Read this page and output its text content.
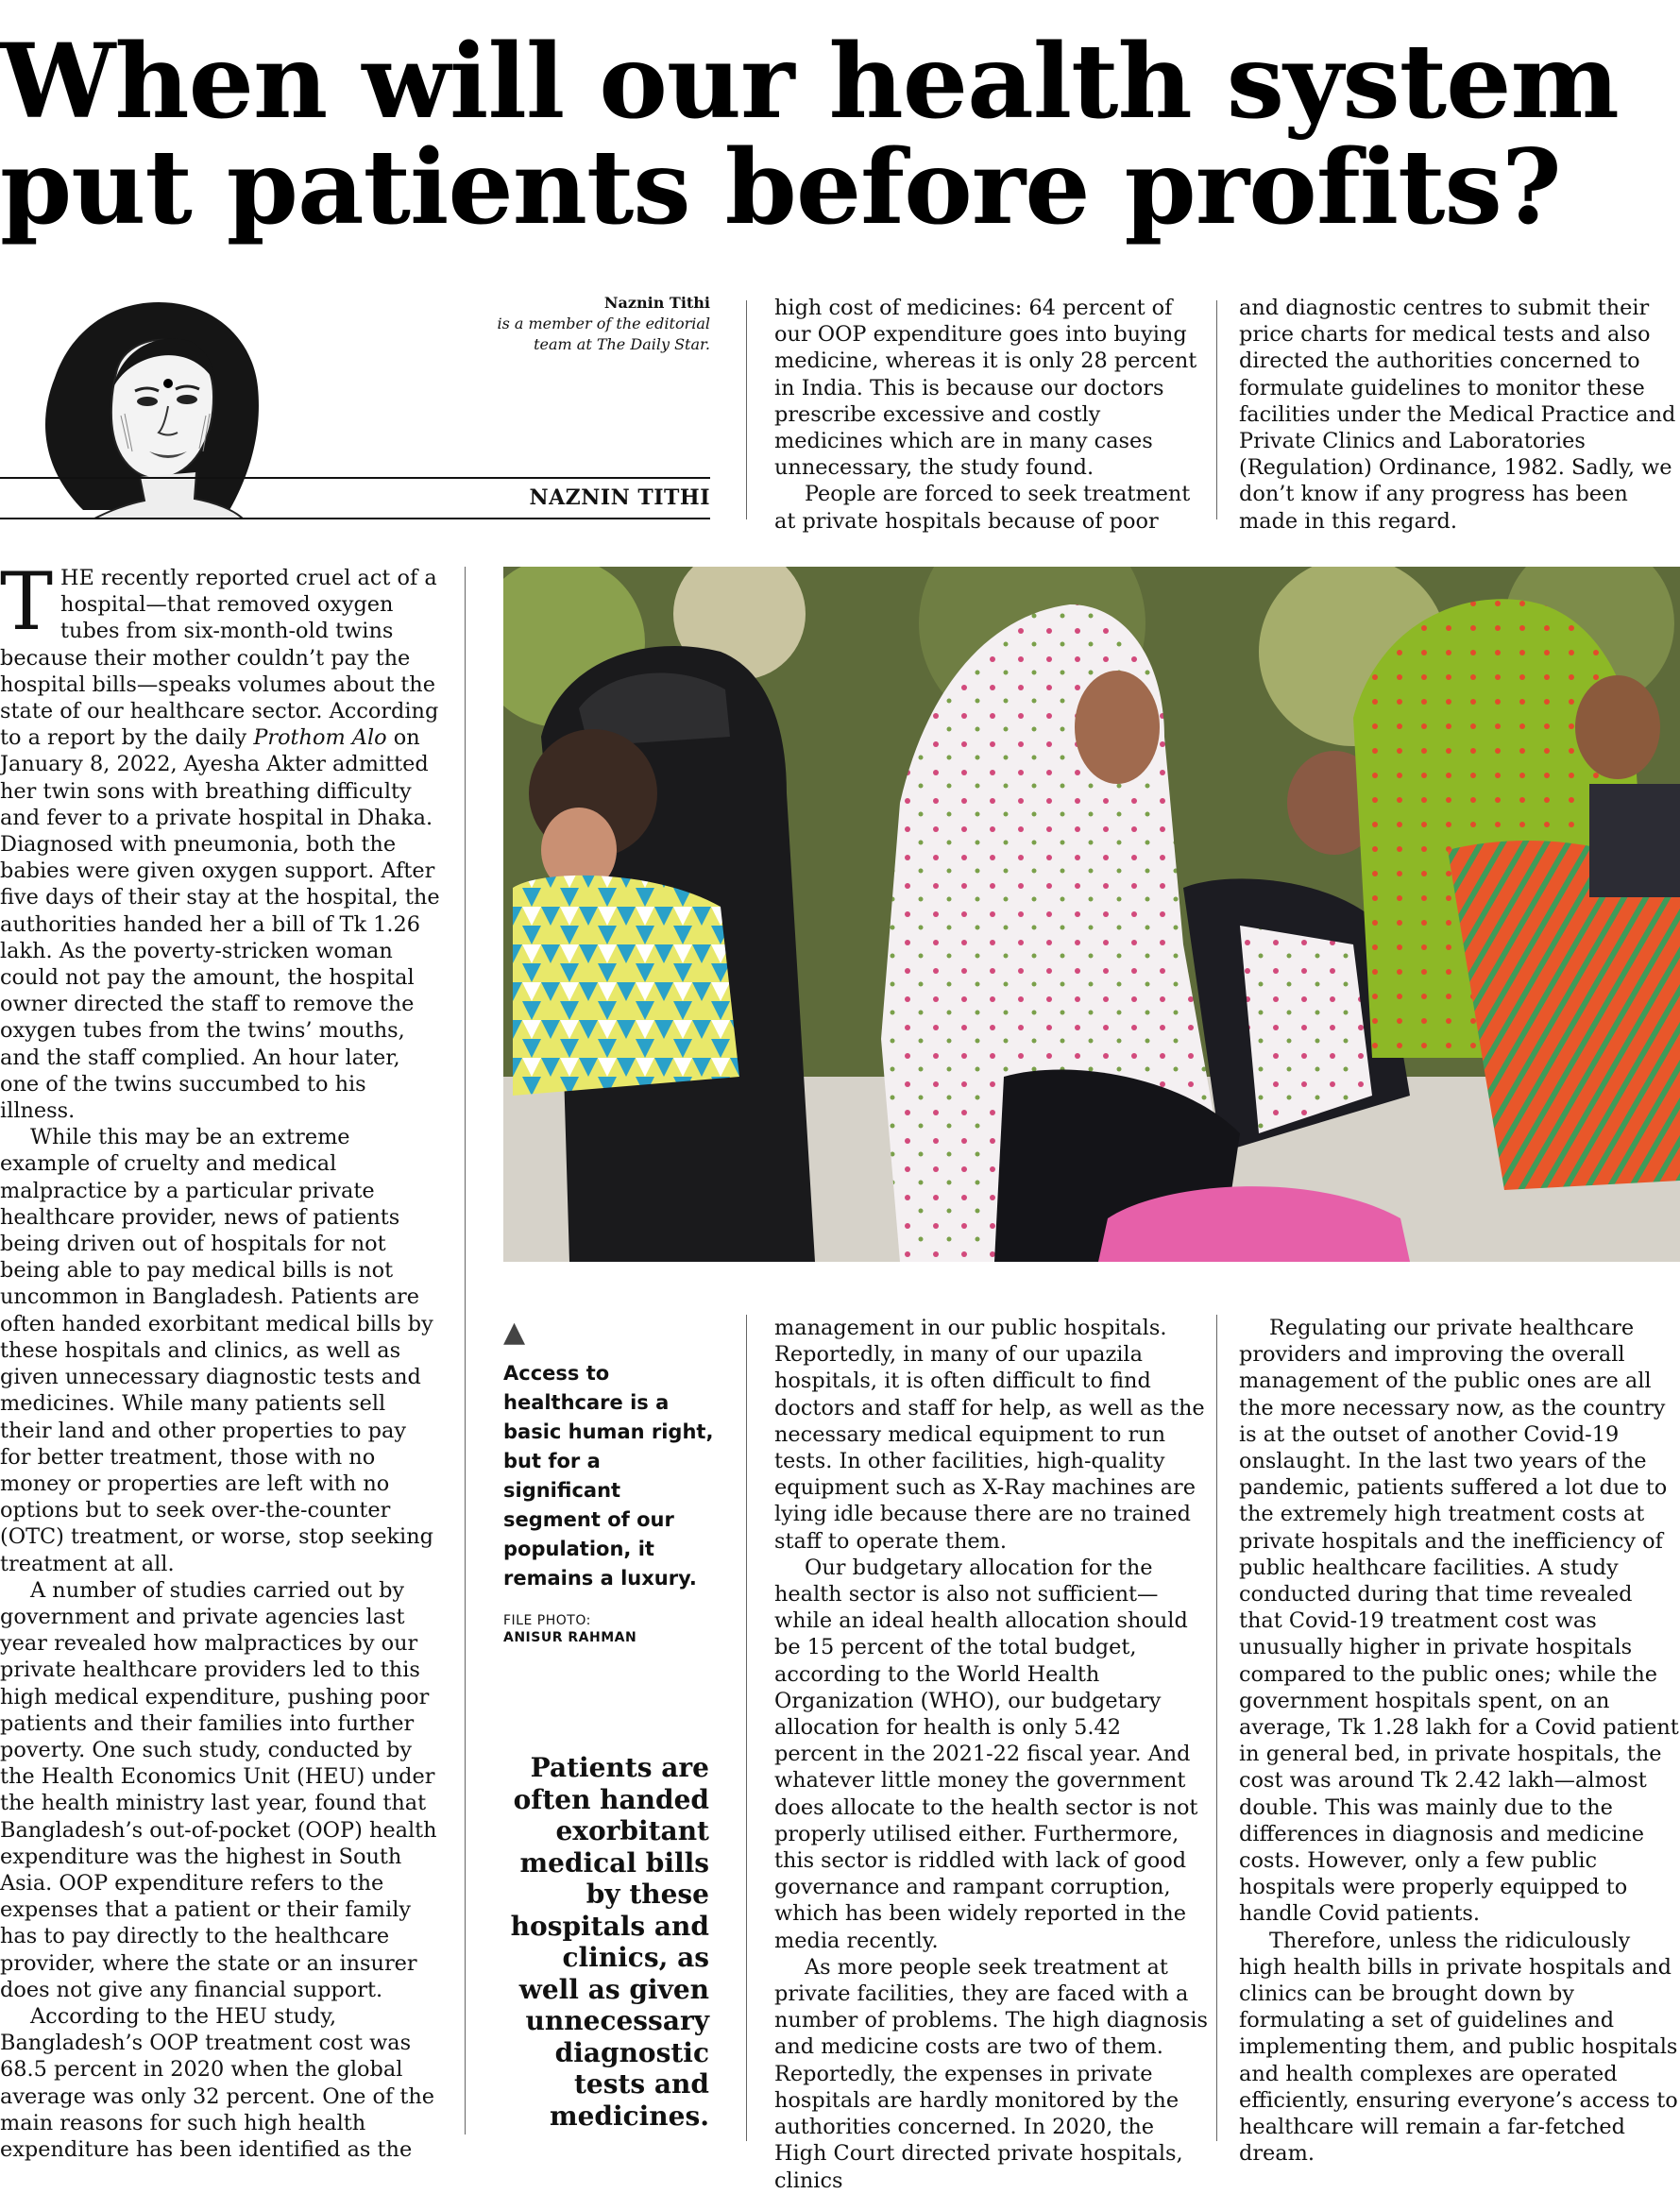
When will our health system put patients before profits?
Naznin Tithi
is a member of the editorial team at The Daily Star.
NAZNIN TITHI

THE recently reported cruel act of a hospital—that removed oxygen tubes from six-month-old twins because their mother couldn’t pay the hospital bills—speaks volumes about the state of our healthcare sector. According to a report by the daily Prothom Alo on January 8, 2022, Ayesha Akter admitted her twin sons with breathing difficulty and fever to a private hospital in Dhaka. Diagnosed with pneumonia, both the babies were given oxygen support. After five days of their stay at the hospital, the authorities handed her a bill of Tk 1.26 lakh. As the poverty-stricken woman could not pay the amount, the hospital owner directed the staff to remove the oxygen tubes from the twins’ mouths, and the staff complied. An hour later, one of the twins succumbed to his illness.

While this may be an extreme example of cruelty and medical malpractice by a particular private healthcare provider, news of patients being driven out of hospitals for not being able to pay medical bills is not uncommon in Bangladesh. Patients are often handed exorbitant medical bills by these hospitals and clinics, as well as given unnecessary diagnostic tests and medicines. While many patients sell their land and other properties to pay for better treatment, those with no money or properties are left with no options but to seek over-the-counter (OTC) treatment, or worse, stop seeking treatment at all.

A number of studies carried out by government and private agencies last year revealed how malpractices by our private healthcare providers led to this high medical expenditure, pushing poor patients and their families into further poverty. One such study, conducted by the Health Economics Unit (HEU) under the health ministry last year, found that Bangladesh’s out-of-pocket (OOP) health expenditure was the highest in South Asia. OOP expenditure refers to the expenses that a patient or their family has to pay directly to the healthcare provider, where the state or an insurer does not give any financial support.

According to the HEU study, Bangladesh’s OOP treatment cost was 68.5 percent in 2020 when the global average was only 32 percent. One of the main reasons for such high health expenditure has been identified as the

high cost of medicines: 64 percent of our OOP expenditure goes into buying medicine, whereas it is only 28 percent in India. This is because our doctors prescribe excessive and costly medicines which are in many cases unnecessary, the study found.

People are forced to seek treatment at private hospitals because of poor

and diagnostic centres to submit their price charts for medical tests and also directed the authorities concerned to formulate guidelines to monitor these facilities under the Medical Practice and Private Clinics and Laboratories (Regulation) Ordinance, 1982. Sadly, we don’t know if any progress has been made in this regard.

▲
Access to healthcare is a basic human right, but for a significant segment of our population, it remains a luxury.
FILE PHOTO:
ANISUR RAHMAN

Patients are often handed exorbitant medical bills by these hospitals and clinics, as well as given unnecessary diagnostic tests and medicines.

management in our public hospitals. Reportedly, in many of our upazila hospitals, it is often difficult to find doctors and staff for help, as well as the necessary medical equipment to run tests. In other facilities, high-quality equipment such as X-Ray machines are lying idle because there are no trained staff to operate them.

Our budgetary allocation for the health sector is also not sufficient—while an ideal health allocation should be 15 percent of the total budget, according to the World Health Organization (WHO), our budgetary allocation for health is only 5.42 percent in the 2021-22 fiscal year. And whatever little money the government does allocate to the health sector is not properly utilised either. Furthermore, this sector is riddled with lack of good governance and rampant corruption, which has been widely reported in the media recently.

As more people seek treatment at private facilities, they are faced with a number of problems. The high diagnosis and medicine costs are two of them. Reportedly, the expenses in private hospitals are hardly monitored by the authorities concerned. In 2020, the High Court directed private hospitals, clinics

Regulating our private healthcare providers and improving the overall management of the public ones are all the more necessary now, as the country is at the outset of another Covid-19 onslaught. In the last two years of the pandemic, patients suffered a lot due to the extremely high treatment costs at private hospitals and the inefficiency of public healthcare facilities. A study conducted during that time revealed that Covid-19 treatment cost was unusually higher in private hospitals compared to the public ones; while the government hospitals spent, on an average, Tk 1.28 lakh for a Covid patient in general bed, in private hospitals, the cost was around Tk 2.42 lakh—almost double. This was mainly due to the differences in diagnosis and medicine costs. However, only a few public hospitals were properly equipped to handle Covid patients.

Therefore, unless the ridiculously high health bills in private hospitals and clinics can be brought down by formulating a set of guidelines and implementing them, and public hospitals and health complexes are operated efficiently, ensuring everyone’s access to healthcare will remain a far-fetched dream.
